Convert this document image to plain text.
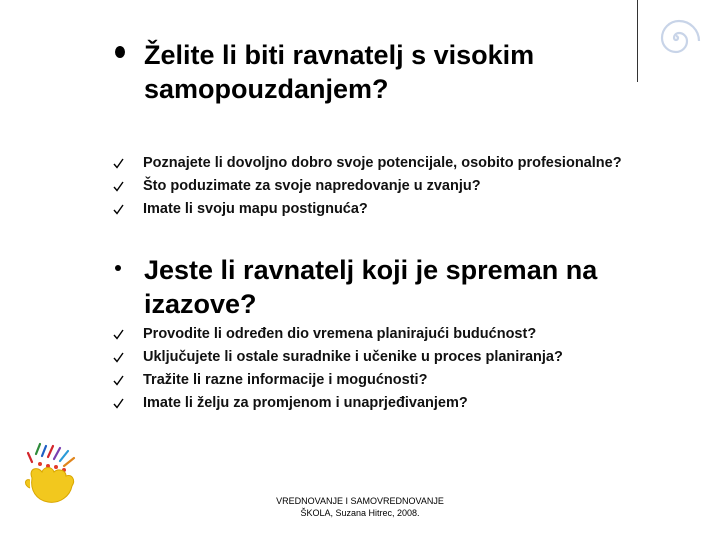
Želite li biti ravnatelj s visokim samopouzdanjem?
Poznajete li dovoljno dobro svoje potencijale, osobito profesionalne?
Što poduzimate za svoje napredovanje u zvanju?
Imate li svoju mapu postignuća?
Jeste li ravnatelj koji je spreman na izazove?
Provodite li određen dio vremena planirajući budućnost?
Uključujete li ostale suradnike i učenike u proces planiranja?
Tražite li razne informacije i mogućnosti?
Imate li želju za promjenom i unaprjeđivanjem?
VREDNOVANJE I SAMOVREDNOVANJE
ŠKOLA, Suzana Hitrec, 2008.
